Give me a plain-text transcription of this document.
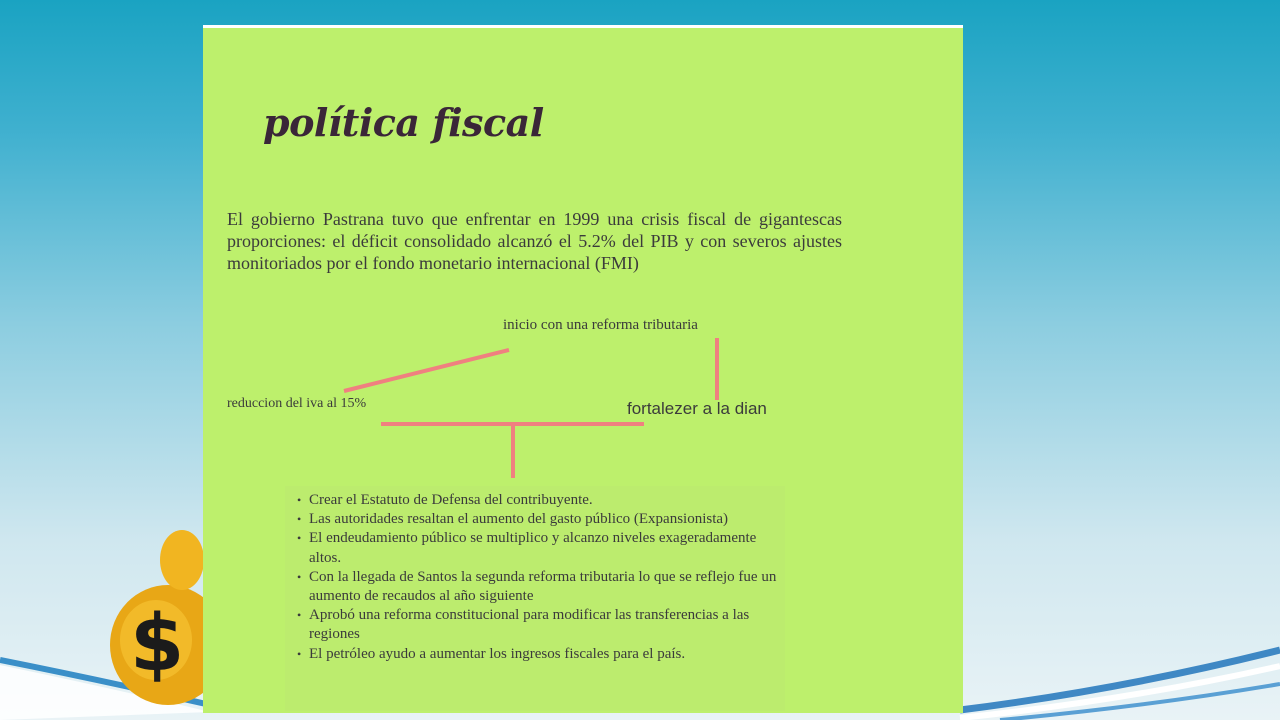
$
política fiscal

El gobierno Pastrana tuvo que enfrentar en 1999 una crisis fiscal de gigantescas proporciones: el déficit consolidado alcanzó el 5.2% del PIB y con severos ajustes monitoriados por el fondo monetario internacional (FMI)

inicio con una reforma tributaria

reduccion del iva al 15%	fortalezer a la dian

• Crear el Estatuto de Defensa del contribuyente.
• Las autoridades resaltan el aumento del gasto público (Expansionista)
• El endeudamiento público se multiplico y alcanzo niveles exageradamente altos.
• Con la llegada de Santos la segunda reforma tributaria lo que se reflejo fue un aumento de recaudos al año siguiente
• Aprobó una reforma constitucional para modificar las transferencias a las regiones
• El petróleo ayudo a aumentar los ingresos fiscales para el país.
